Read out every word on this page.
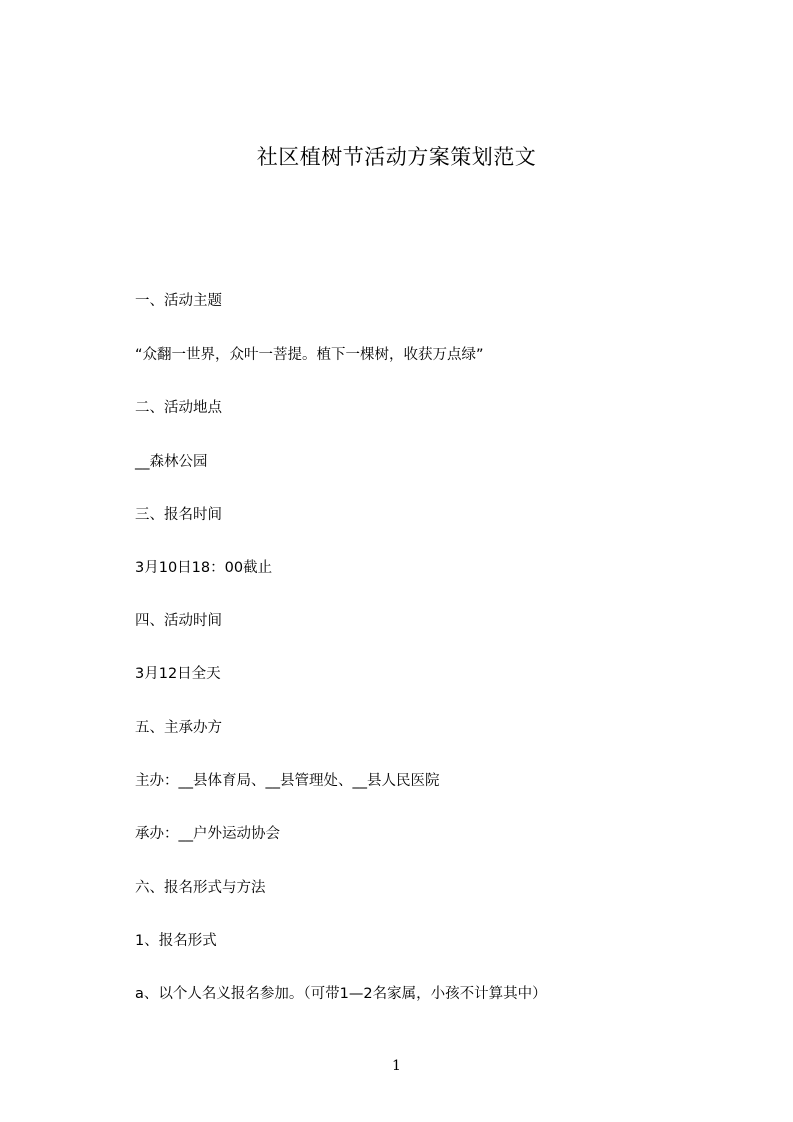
社区植树节活动方案策划范文
一、活动主题
“众翻一世界，众叶一菩提。植下一棵树，收获万点绿”
二、活动地点
__森林公园
三、报名时间
3月10日18：00截止
四、活动时间
3月12日全天
五、主承办方
主办：__县体育局、__县管理处、__县人民医院
承办：__户外运动协会
六、报名形式与方法
1、报名形式
a、以个人名义报名参加。（可带1—2名家属，小孩不计算其中）
1
